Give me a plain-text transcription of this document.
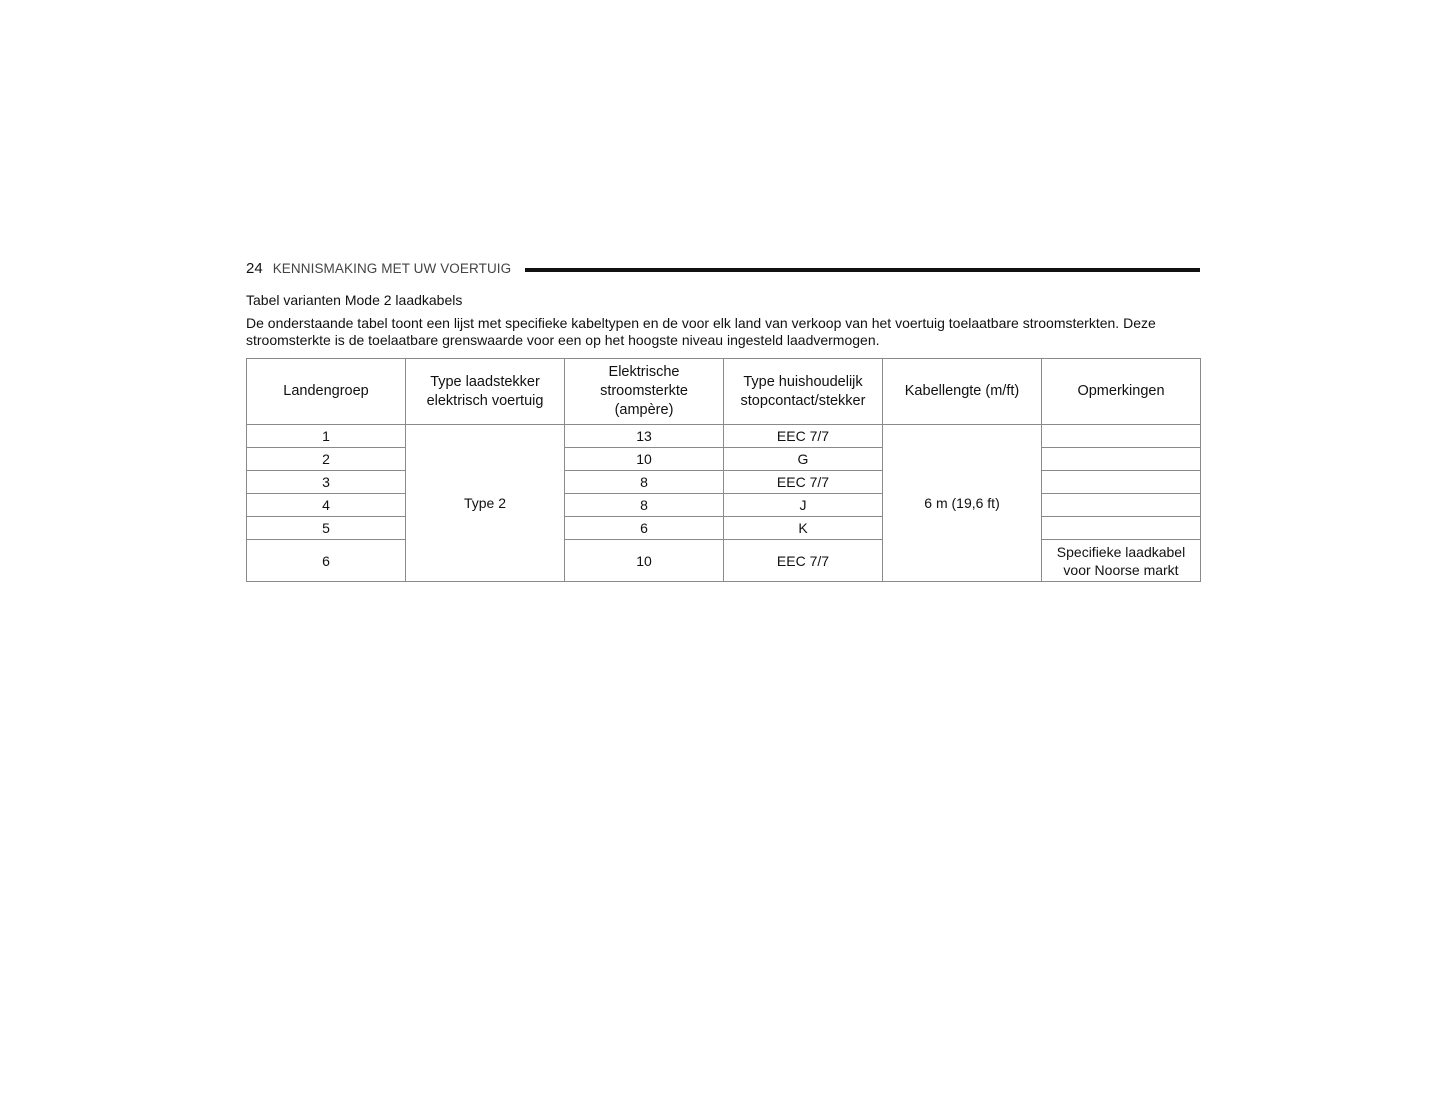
24 KENNISMAKING MET UW VOERTUIG
Tabel varianten Mode 2 laadkabels
De onderstaande tabel toont een lijst met specifieke kabeltypen en de voor elk land van verkoop van het voertuig toelaatbare stroomsterkten. Deze stroomsterkte is de toelaatbare grenswaarde voor een op het hoogste niveau ingesteld laadvermogen.
Landengroep	Type laadstekker elektrisch voertuig	Elektrische stroomsterkte (ampère)	Type huishoudelijk stopcontact/stekker	Kabellengte (m/ft)	Opmerkingen
1	Type 2	13	EEC 7/7	6 m (19,6 ft)	
2		10	G		
3		8	EEC 7/7		
4		8	J		
5		6	K		
6		10	EEC 7/7		Specifieke laadkabel voor Noorse markt
